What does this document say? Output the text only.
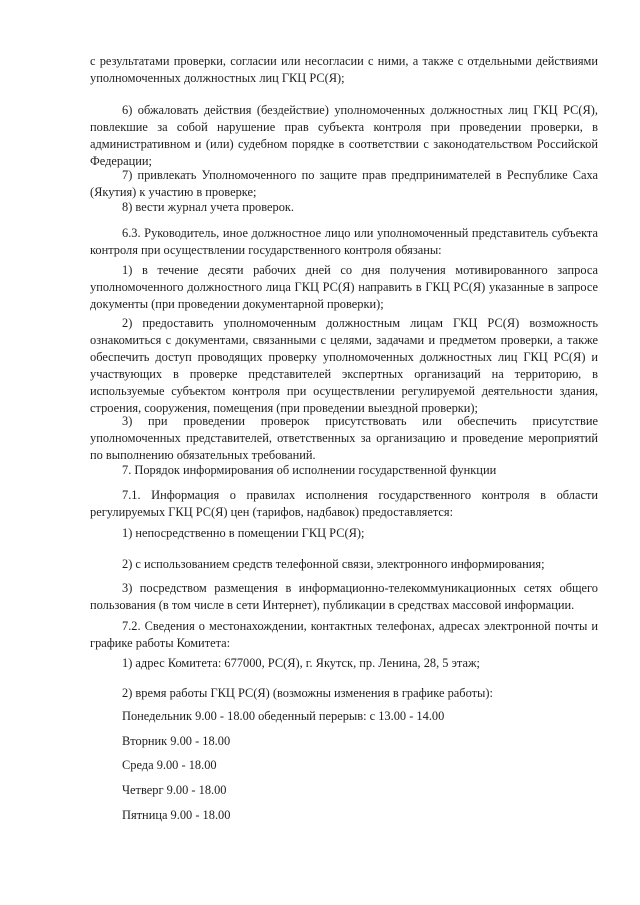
с результатами проверки, согласии или несогласии с ними, а также с отдельными действиями уполномоченных должностных лиц ГКЦ РС(Я);

6) обжаловать действия (бездействие) уполномоченных должностных лиц ГКЦ РС(Я), повлекшие за собой нарушение прав субъекта контроля при проведении проверки, в административном и (или) судебном порядке в соответствии с законодательством Российской Федерации;

7) привлекать Уполномоченного по защите прав предпринимателей в Республике Саха (Якутия) к участию в проверке;

8) вести журнал учета проверок.

6.3. Руководитель, иное должностное лицо или уполномоченный представитель субъекта контроля при осуществлении государственного контроля обязаны:

1) в течение десяти рабочих дней со дня получения мотивированного запроса уполномоченного должностного лица ГКЦ РС(Я) направить в ГКЦ РС(Я) указанные в запросе документы (при проведении документарной проверки);

2) предоставить уполномоченным должностным лицам ГКЦ РС(Я) возможность ознакомиться с документами, связанными с целями, задачами и предметом проверки, а также обеспечить доступ проводящих проверку уполномоченных должностных лиц ГКЦ РС(Я) и участвующих в проверке представителей экспертных организаций на территорию, в используемые субъектом контроля при осуществлении регулируемой деятельности здания, строения, сооружения, помещения (при проведении выездной проверки);

3) при проведении проверок присутствовать или обеспечить присутствие уполномоченных представителей, ответственных за организацию и проведение мероприятий по выполнению обязательных требований.

7. Порядок информирования об исполнении государственной функции

7.1. Информация о правилах исполнения государственного контроля в области регулируемых ГКЦ РС(Я) цен (тарифов, надбавок) предоставляется:

1) непосредственно в помещении ГКЦ РС(Я);

2) с использованием средств телефонной связи, электронного информирования;

3) посредством размещения в информационно-телекоммуникационных сетях общего пользования (в том числе в сети Интернет), публикации в средствах массовой информации.

7.2. Сведения о местонахождении, контактных телефонах, адресах электронной почты и графике работы Комитета:

1) адрес Комитета: 677000, РС(Я), г. Якутск, пр. Ленина, 28, 5 этаж;

2) время работы ГКЦ РС(Я) (возможны изменения в графике работы):

Понедельник 9.00 - 18.00 обеденный перерыв: с 13.00 - 14.00

Вторник 9.00 - 18.00

Среда 9.00 - 18.00

Четверг 9.00 - 18.00

Пятница 9.00 - 18.00
